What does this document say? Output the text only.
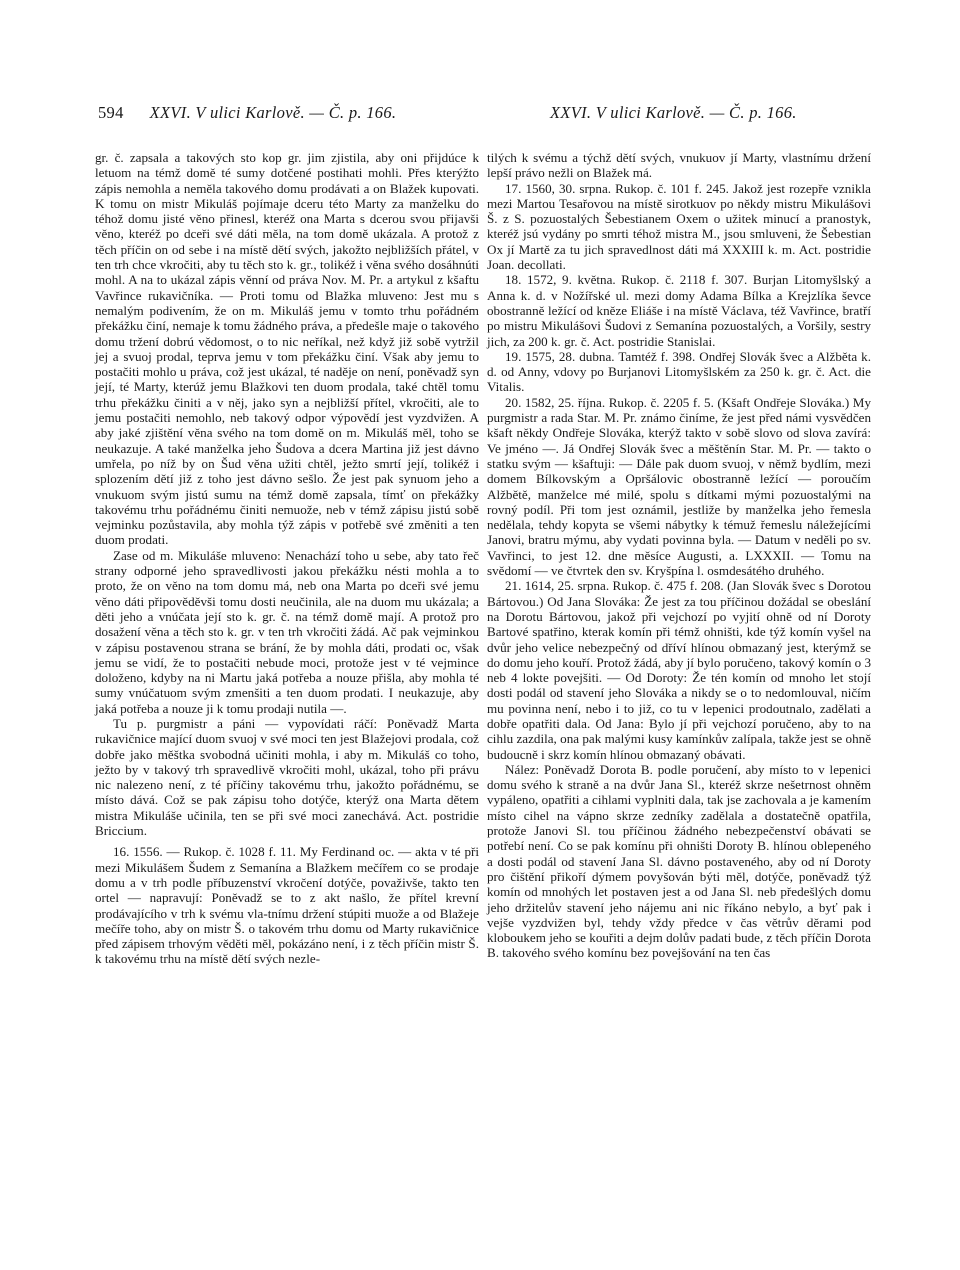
594 XXVI. V ulici Karlově. — Č. p. 166.	XXVI. V ulici Karlově. — Č. p. 166.

gr. č. zapsala a takových sto kop gr. jim zjistila, aby oni přijdúce k letuom na témž domě té sumy dotčené postihati mohli. Přes kterýžto zápis nemohla a neměla takového domu prodávati a on Blažek kupovati. K tomu on mistr Mikuláš pojímaje dceru této Marty za manželku do téhož domu jisté věno přinesl, kteréž ona Marta s dcerou svou přijavši věno, kteréž po dceři své dáti měla, na tom domě ukázala. A protož z těch příčin on od sebe i na místě dětí svých, jakožto nejbližších přátel, v ten trh chce vkročiti, aby tu těch sto k. gr., tolikéž i věna svého dosáhnúti mohl. A na to ukázal zápis věnní od práva Nov. M. Pr. a artykul z kšaftu Vavřince rukavičníka. — Proti tomu od Blažka mluveno: Jest mu s nemalým podivením, že on m. Mikuláš jemu v tomto trhu pořádném překážku činí, nemaje k tomu žádného práva, a předešle maje o takového domu tržení dobrú vědomost, o to nic neříkal, než když již sobě vytržil jej a svuoj prodal, teprva jemu v tom překážku činí. Však aby jemu to postačiti mohlo u práva, což jest ukázal, té naděje on není, poněvadž syn její, té Marty, kterúž jemu Blažkovi ten duom prodala, také chtěl tomu trhu překážku činiti a v něj, jako syn a nejbližší přítel, vkročiti, ale to jemu postačiti nemohlo, neb takový odpor výpovědí jest vyzdvižen. A aby jaké zjištění věna svého na tom domě on m. Mikuláš měl, toho se neukazuje. A také manželka jeho Šudova a dcera Martina již jest dávno umřela, po níž by on Šud věna užiti chtěl, ježto smrtí její, tolikéž i splozením dětí již z toho jest dávno sešlo. Že jest pak synuom jeho a vnukuom svým jistú sumu na témž domě zapsala, tímť on překážky takovému trhu pořádnému činiti nemuože, neb v témž zápisu jistú sobě vejminku pozůstavila, aby mohla týž zápis v potřebě své změniti a ten duom prodati.

Zase od m. Mikuláše mluveno: Nenachází toho u sebe, aby tato řeč strany odporné jeho spravedlivosti jakou překážku nésti mohla a to proto, že on věno na tom domu má, neb ona Marta po dceři své jemu věno dáti připověděvši tomu dosti neučinila, ale na duom mu ukázala; a děti jeho a vnúčata její sto k. gr. č. na témž domě mají. A protož pro dosažení věna a těch sto k. gr. v ten trh vkročiti žádá. Ač pak vejminkou v zápisu postavenou strana se brání, že by mohla dáti, prodati oc, však jemu se vidí, že to postačiti nebude moci, protože jest v té vejmince doloženo, kdyby na ni Martu jaká potřeba a nouze přišla, aby mohla té sumy vnúčatuom svým zmenšiti a ten duom prodati. I neukazuje, aby jaká potřeba a nouze ji k tomu prodaji nutila —.

Tu p. purgmistr a páni — vypovídati ráčí: Poněvadž Marta rukavičnice mající duom svuoj v své moci ten jest Blažejovi prodala, což dobře jako měštka svobodná učiniti mohla, i aby m. Mikuláš co toho, ježto by v takový trh spravedlivě vkročiti mohl, ukázal, toho při právu nic nalezeno není, z té příčiny takovému trhu, jakožto pořádnému, se místo dává. Což se pak zápisu toho dotýče, kterýž ona Marta dětem mistra Mikuláše učinila, ten se při své moci zanechává. Act. postridie Briccium.

16. 1556. — Rukop. č. 1028 f. 11. My Ferdinand oc. — akta v té při mezi Mikulášem Šudem z Semanína a Blažkem mečířem co se prodaje domu a v trh podle příbuzenství vkročení dotýče, považivše, takto ten ortel — napravují: Poněvadž se to z akt našlo, že přítel krevní prodávajícího v trh k svému vla-tnímu držení stúpiti muože a od Blažeje mečíře toho, aby on mistr Š. o takovém trhu domu od Marty rukavičnice před zápisem trhovým věděti měl, pokázáno není, i z těch příčin mistr Š. k takovému trhu na místě dětí svých nezle-

tilých k svému a týchž dětí svých, vnukuov jí Marty, vlastnímu držení lepší právo nežli on Blažek má.

17. 1560, 30. srpna. Rukop. č. 101 f. 245. Jakož jest rozepře vznikla mezi Martou Tesařovou na místě sirotkuov po někdy mistru Mikulášovi Š. z S. pozuostalých Šebestianem Oxem o užitek minucí a pranostyk, kteréž jsú vydány po smrti téhož mistra M., jsou smluveni, že Šebestian Ox jí Martě za tu jich spravedlnost dáti má XXXIII k. m. Act. postridie Joan. decollati.

18. 1572, 9. května. Rukop. č. 2118 f. 307. Burjan Litomyšlský a Anna k. d. v Nožířské ul. mezi domy Adama Bílka a Krejzlíka ševce obostranně ležící od kněze Eliáše i na místě Václava, též Vavřince, bratří po mistru Mikulášovi Šudovi z Semanína pozuostalých, a Voršily, sestry jich, za 200 k. gr. č. Act. postridie Stanislai.

19. 1575, 28. dubna. Tamtéž f. 398. Ondřej Slovák švec a Alžběta k. d. od Anny, vdovy po Burjanovi Litomyšlském za 250 k. gr. č. Act. die Vitalis.

20. 1582, 25. října. Rukop. č. 2205 f. 5. (Kšaft Ondřeje Slováka.) My purgmistr a rada Star. M. Pr. známo činíme, že jest před námi vysvědčen kšaft někdy Ondřeje Slováka, kterýž takto v sobě slovo od slova zavírá: Ve jméno —. Já Ondřej Slovák švec a měštěnín Star. M. Pr. — takto o statku svým — kšaftuji: — Dále pak duom svuoj, v němž bydlím, mezi domem Bílkovským a Opršálovic obostranně ležící — poroučím Alžbětě, manželce mé milé, spolu s dítkami mými pozuostalými na rovný podíl. Při tom jest oznámil, jestliže by manželka jeho řemesla nedělala, tehdy kopyta se všemi nábytky k témuž řemeslu náležejícími Janovi, bratru mýmu, aby vydati povinna byla. — Datum v neděli po sv. Vavřinci, to jest 12. dne měsíce Augusti, a. LXXXII. — Tomu na svědomí — ve čtvrtek den sv. Kryšpína l. osmdesátého druhého.

21. 1614, 25. srpna. Rukop. č. 475 f. 208. (Jan Slovák švec s Dorotou Bártovou.) Od Jana Slováka: Že jest za tou příčinou dožádal se obeslání na Dorotu Bártovou, jakož při vejchozí po vyjití ohně od ní Doroty Bartové spatřino, kterak komín při témž ohništi, kde týž komín vyšel na dvůr jeho velice nebezpečný od dříví hlínou obmazaný jest, kterýmž se do domu jeho kouří. Protož žádá, aby jí bylo poručeno, takový komín o 3 neb 4 lokte povejšiti. — Od Doroty: Že tén komín od mnoho let stojí dosti podál od stavení jeho Slováka a nikdy se o to nedomlouval, ničím mu povinna není, nebo i to již, co tu v lepenici prodoutnalo, zadělati a dobře opatřiti dala. Od Jana: Bylo jí při vejchozí poručeno, aby to na cihlu zazdila, ona pak malými kusy kamínkův zalípala, takže jest se ohně budoucně i skrz komín hlínou obmazaný obávati.

Nález: Poněvadž Dorota B. podle poručení, aby místo to v lepenici domu svého k straně a na dvůr Jana Sl., kteréž skrze nešetrnost ohněm vypáleno, opatřiti a cihlami vyplniti dala, tak jse zachovala a je kamením místo cihel na vápno skrze zedníky zadělala a dostatečně opatřila, protože Janovi Sl. tou příčinou žádného nebezpečenství obávati se potřebí není. Co se pak komínu při ohništi Doroty B. hlínou oblepeného a dosti podál od stavení Jana Sl. dávno postaveného, aby od ní Doroty pro čištění přikoří dýmem povyšován býti měl, dotýče, poněvadž týž komín od mnohých let postaven jest a od Jana Sl. neb předešlých domu jeho držitelův stavení jeho nájemu ani nic říkáno nebylo, a byť pak i vejše vyzdvižen byl, tehdy vždy předce v čas větrův děrami pod kloboukem jeho se kouřiti a dejm dolův padati bude, z těch příčin Dorota B. takového svého komínu bez povejšování na ten čas
